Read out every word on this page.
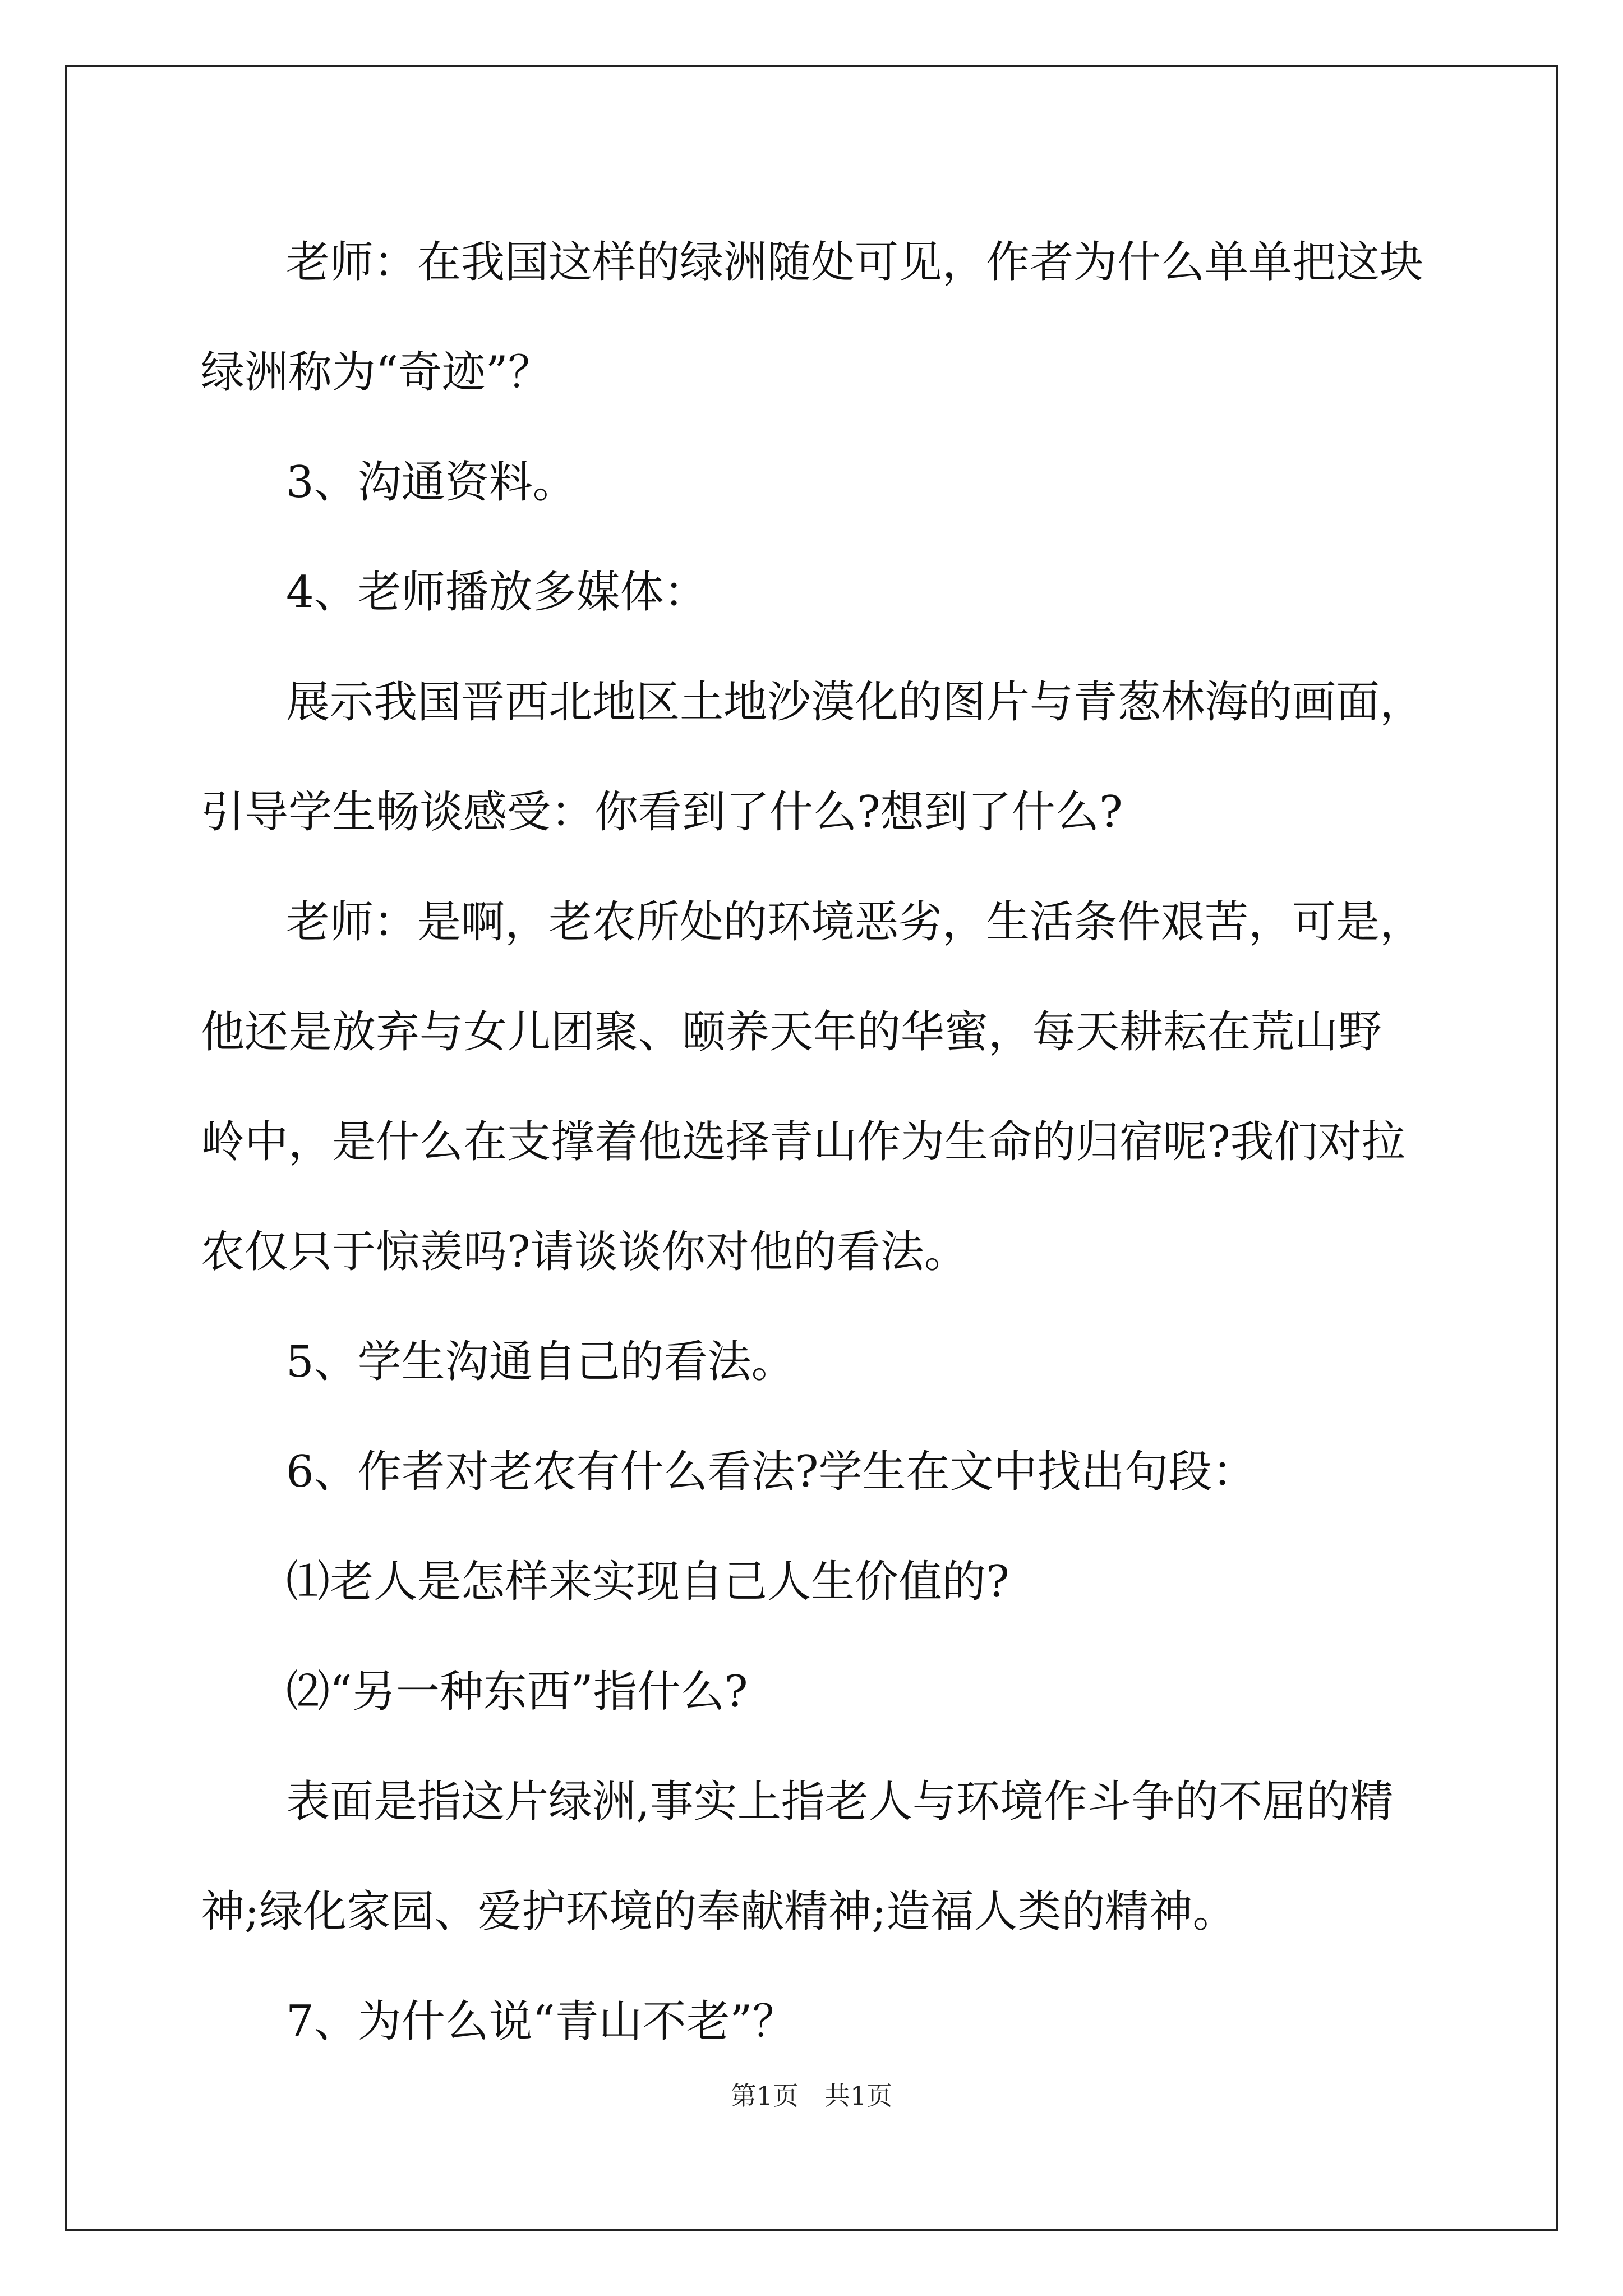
老师：在我国这样的绿洲随处可见，作者为什么单单把这块绿洲称为“奇迹”？

3、沟通资料。

4、老师播放多媒体：

展示我国晋西北地区土地沙漠化的图片与青葱林海的画面，引导学生畅谈感受：你看到了什么?想到了什么?

老师：是啊，老农所处的环境恶劣，生活条件艰苦，可是，他还是放弃与女儿团聚、颐养天年的华蜜，每天耕耘在荒山野岭中，是什么在支撑着他选择青山作为生命的归宿呢?我们对拉农仅只于惊羡吗?请谈谈你对他的看法。

5、学生沟通自己的看法。

6、作者对老农有什么看法?学生在文中找出句段：

⑴老人是怎样来实现自己人生价值的?

⑵“另一种东西”指什么?

表面是指这片绿洲,事实上指老人与环境作斗争的不屈的精神;绿化家园、爱护环境的奉献精神;造福人类的精神。

7、为什么说“青山不老”？

第1页　共1页
